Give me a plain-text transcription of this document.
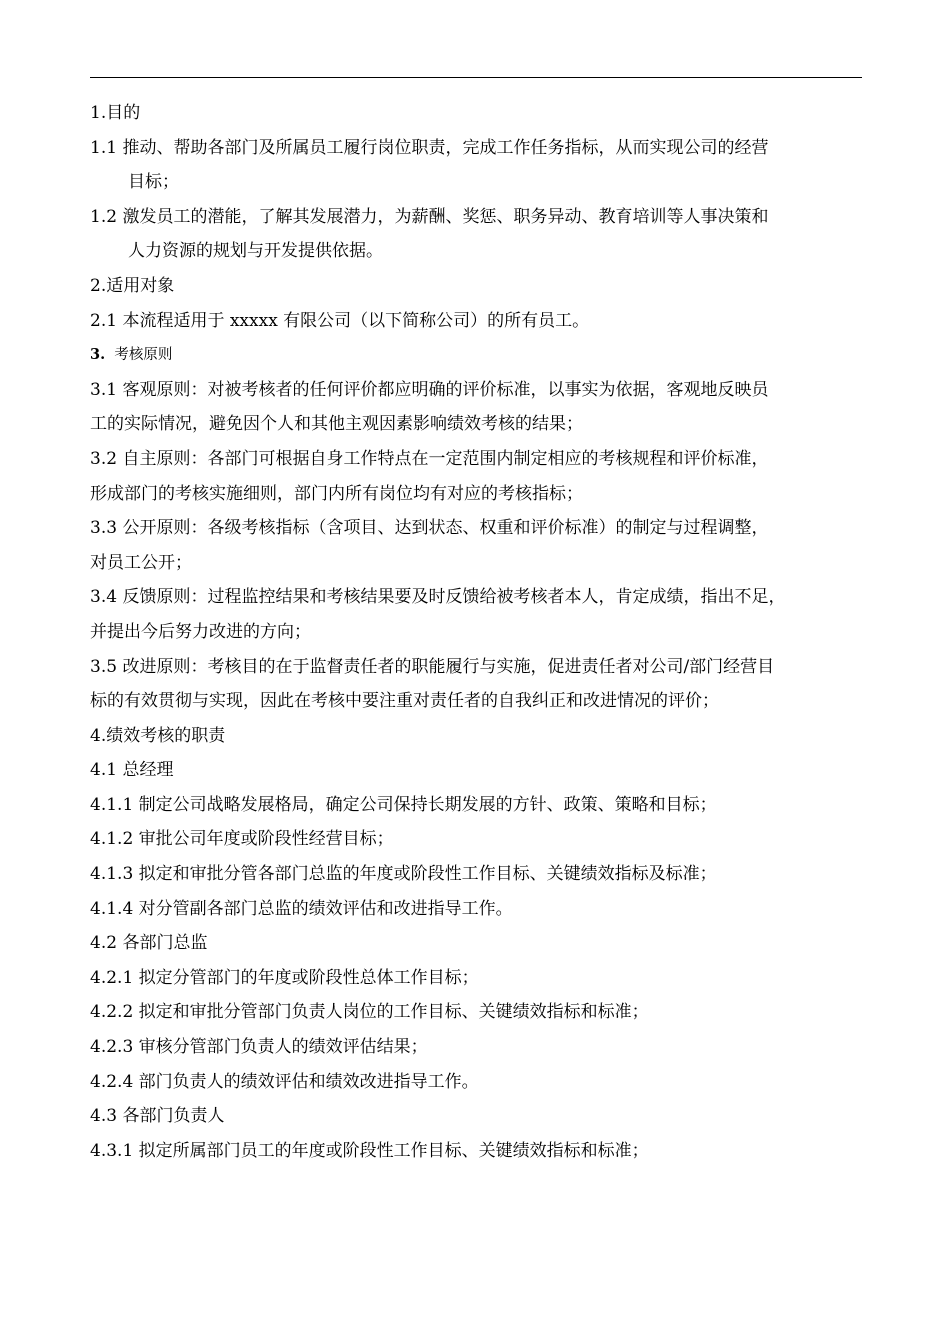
1.目的
1.1 推动、帮助各部门及所属员工履行岗位职责，完成工作任务指标，从而实现公司的经营
目标；
1.2 激发员工的潜能，了解其发展潜力，为薪酬、奖惩、职务异动、教育培训等人事决策和
人力资源的规划与开发提供依据。
2.适用对象
2.1 本流程适用于 xxxxx 有限公司（以下简称公司）的所有员工。
3. 考核原则
3.1 客观原则：对被考核者的任何评价都应明确的评价标准，以事实为依据，客观地反映员
工的实际情况，避免因个人和其他主观因素影响绩效考核的结果；
3.2 自主原则：各部门可根据自身工作特点在一定范围内制定相应的考核规程和评价标准，
形成部门的考核实施细则，部门内所有岗位均有对应的考核指标；
3.3 公开原则：各级考核指标（含项目、达到状态、权重和评价标准）的制定与过程调整，
对员工公开；
3.4 反馈原则：过程监控结果和考核结果要及时反馈给被考核者本人，肯定成绩，指出不足，
并提出今后努力改进的方向；
3.5 改进原则：考核目的在于监督责任者的职能履行与实施，促进责任者对公司/部门经营目
标的有效贯彻与实现，因此在考核中要注重对责任者的自我纠正和改进情况的评价；
4.绩效考核的职责
4.1 总经理
4.1.1 制定公司战略发展格局，确定公司保持长期发展的方针、政策、策略和目标；
4.1.2 审批公司年度或阶段性经营目标；
4.1.3 拟定和审批分管各部门总监的年度或阶段性工作目标、关键绩效指标及标准；
4.1.4 对分管副各部门总监的绩效评估和改进指导工作。
4.2 各部门总监
4.2.1 拟定分管部门的年度或阶段性总体工作目标；
4.2.2 拟定和审批分管部门负责人岗位的工作目标、关键绩效指标和标准；
4.2.3 审核分管部门负责人的绩效评估结果；
4.2.4 部门负责人的绩效评估和绩效改进指导工作。
4.3 各部门负责人
4.3.1 拟定所属部门员工的年度或阶段性工作目标、关键绩效指标和标准；
